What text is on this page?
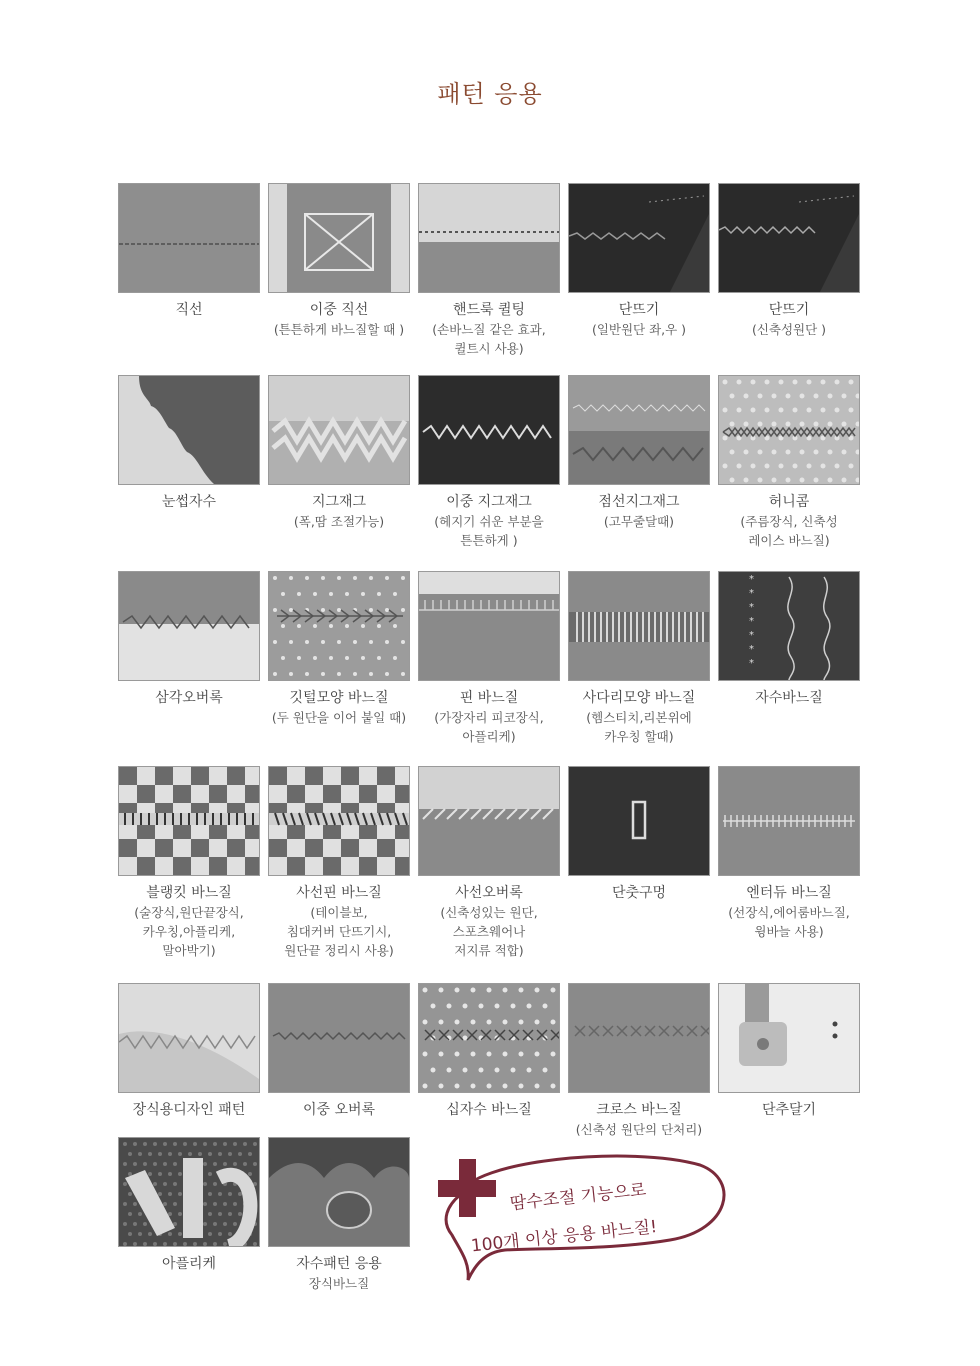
패턴 응용
직선	이중 직선
(튼튼하게 바느질할 때 )
핸드룩 퀼팅
(손바느질 같은 효과,
퀼트시 사용)
단뜨기
(일반원단 좌,우 )
단뜨기
(신축성원단 )
눈썹자수	지그재그
(폭,땀 조절가능)
이중 지그재그
(헤지기 쉬운 부분을
튼튼하게 )
점선지그재그
(고무줄달때)
허니콤
(주름장식, 신축성
레이스 바느질)
삼각오버록	깃털모양 바느질
(두 원단을 이어 붙일 때)
핀 바느질
(가장자리 피코장식,
아플리케)
사다리모양 바느질
(헴스티치,리본위에
카우칭 할때)
*
*
*
*
*
*
*
자수바느질
블랭킷 바느질
(술장식,원단끝장식,
카우칭,아플리케,
말아박기)
사선핀 바느질
(테이블보,
침대커버 단뜨기시,
원단끝 정리시 사용)
사선오버록
(신축성있는 원단,
스포츠웨어나
저지류 적합)
단춧구멍	엔터듀 바느질
(선장식,에어룸바느질,
윙바늘 사용)
장식용디자인 패턴	이중 오버록	십자수 바느질	크로스 바느질
(신축성 원단의 단처리)
단추달기
아플리케	자수패턴 응용
장식바느질
땀수조절 기능으로
100개 이상 응용 바느질!
